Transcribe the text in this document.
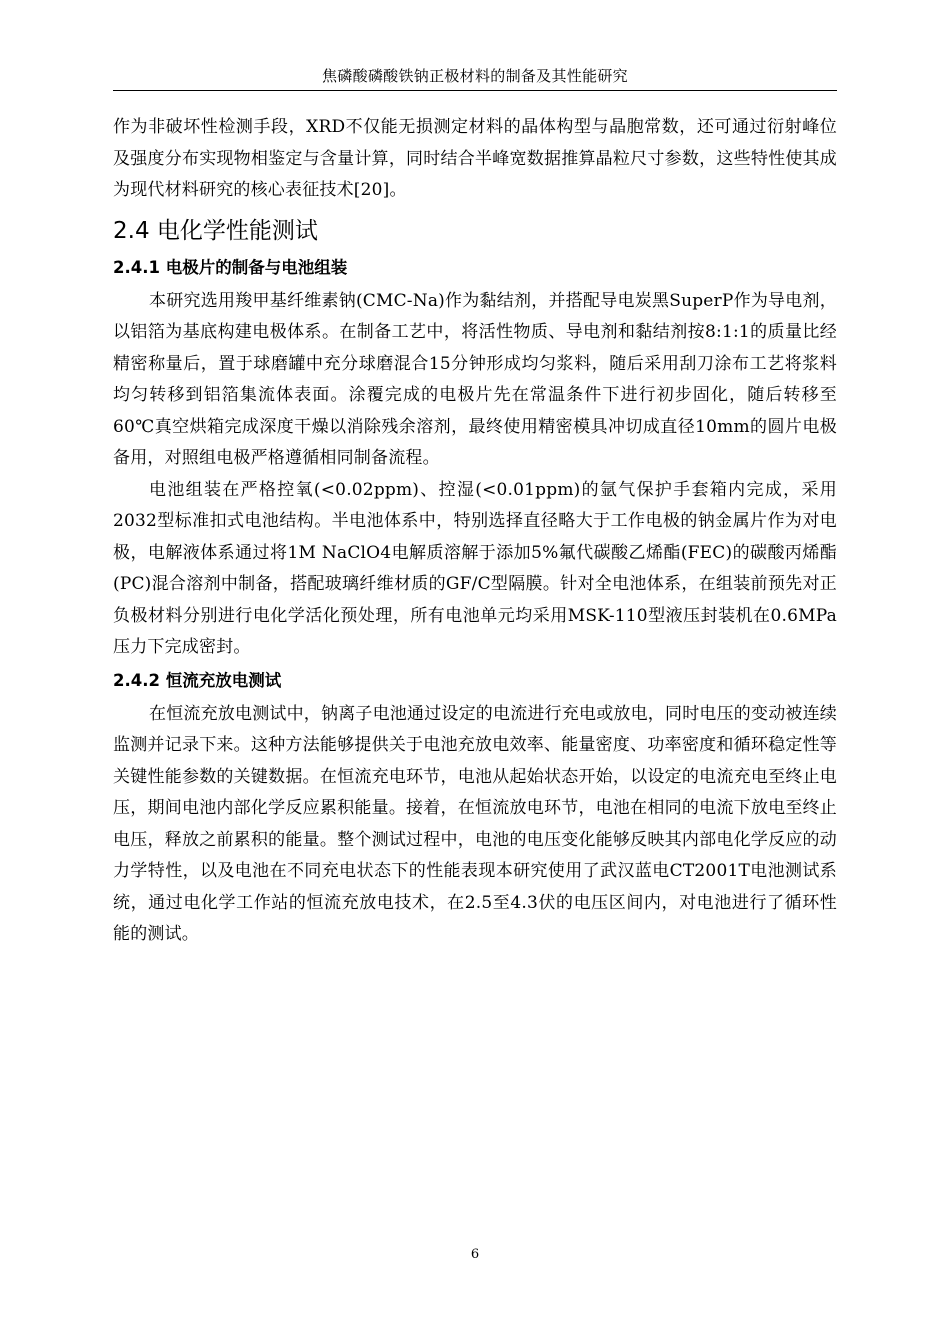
焦磷酸磷酸铁钠正极材料的制备及其性能研究

作为非破坏性检测手段，XRD不仅能无损测定材料的晶体构型与晶胞常数，还可通过衍射峰位及强度分布实现物相鉴定与含量计算，同时结合半峰宽数据推算晶粒尺寸参数，这些特性使其成为现代材料研究的核心表征技术[20]。

2.4 电化学性能测试
2.4.1 电极片的制备与电池组装

本研究选用羧甲基纤维素钠(CMC-Na)作为黏结剂，并搭配导电炭黑SuperP作为导电剂，以铝箔为基底构建电极体系。在制备工艺中，将活性物质、导电剂和黏结剂按8:1:1的质量比经精密称量后，置于球磨罐中充分球磨混合15分钟形成均匀浆料，随后采用刮刀涂布工艺将浆料均匀转移到铝箔集流体表面。涂覆完成的电极片先在常温条件下进行初步固化，随后转移至60℃真空烘箱完成深度干燥以消除残余溶剂，最终使用精密模具冲切成直径10mm的圆片电极备用，对照组电极严格遵循相同制备流程。

电池组装在严格控氧(<0.02ppm)、控湿(<0.01ppm)的氩气保护手套箱内完成，采用2032型标准扣式电池结构。半电池体系中，特别选择直径略大于工作电极的钠金属片作为对电极，电解液体系通过将1M NaClO4电解质溶解于添加5%氟代碳酸乙烯酯(FEC)的碳酸丙烯酯(PC)混合溶剂中制备，搭配玻璃纤维材质的GF/C型隔膜。针对全电池体系，在组装前预先对正负极材料分别进行电化学活化预处理，所有电池单元均采用MSK-110型液压封装机在0.6MPa压力下完成密封。

2.4.2 恒流充放电测试

在恒流充放电测试中，钠离子电池通过设定的电流进行充电或放电，同时电压的变动被连续监测并记录下来。这种方法能够提供关于电池充放电效率、能量密度、功率密度和循环稳定性等关键性能参数的关键数据。在恒流充电环节，电池从起始状态开始，以设定的电流充电至终止电压，期间电池内部化学反应累积能量。接着，在恒流放电环节，电池在相同的电流下放电至终止电压，释放之前累积的能量。整个测试过程中，电池的电压变化能够反映其内部电化学反应的动力学特性，以及电池在不同充电状态下的性能表现本研究使用了武汉蓝电CT2001T电池测试系统，通过电化学工作站的恒流充放电技术，在2.5至4.3伏的电压区间内，对电池进行了循环性能的测试。

6
